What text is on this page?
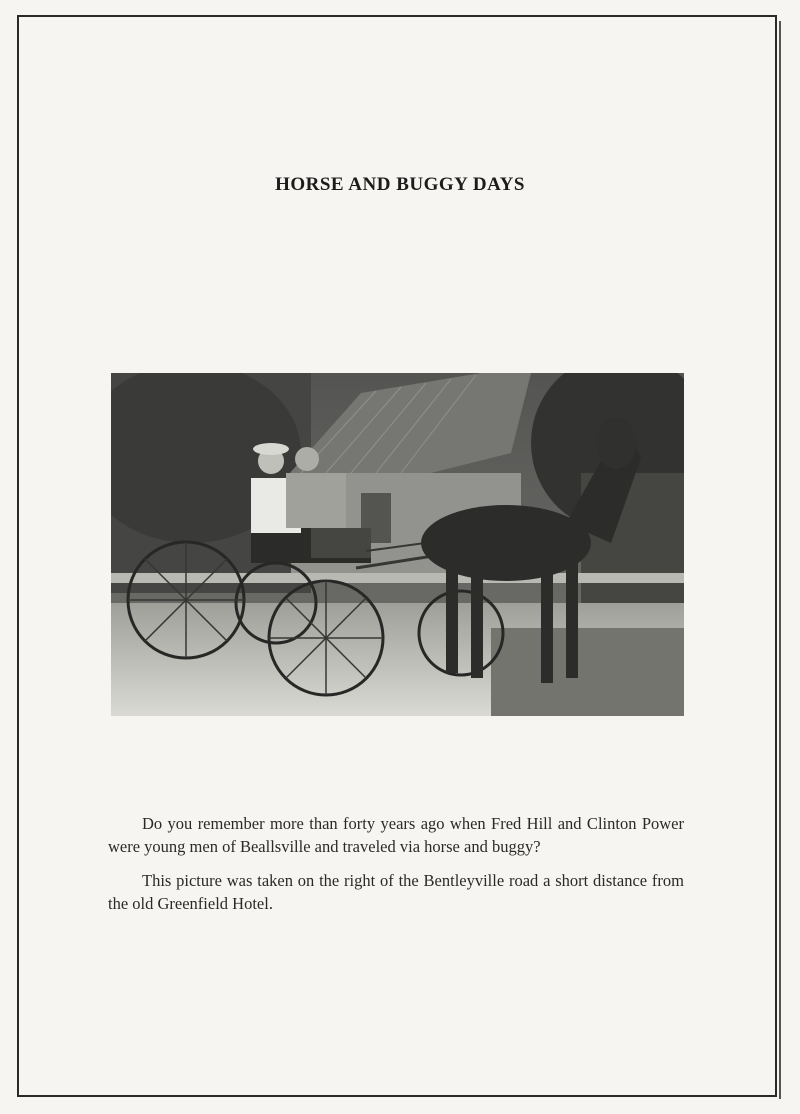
HORSE AND BUGGY DAYS

Do you remember more than forty years ago when Fred Hill and Clinton Power were young men of Beallsville and traveled via horse and buggy?

This picture was taken on the right of the Bentleyville road a short distance from the old Greenfield Hotel.
